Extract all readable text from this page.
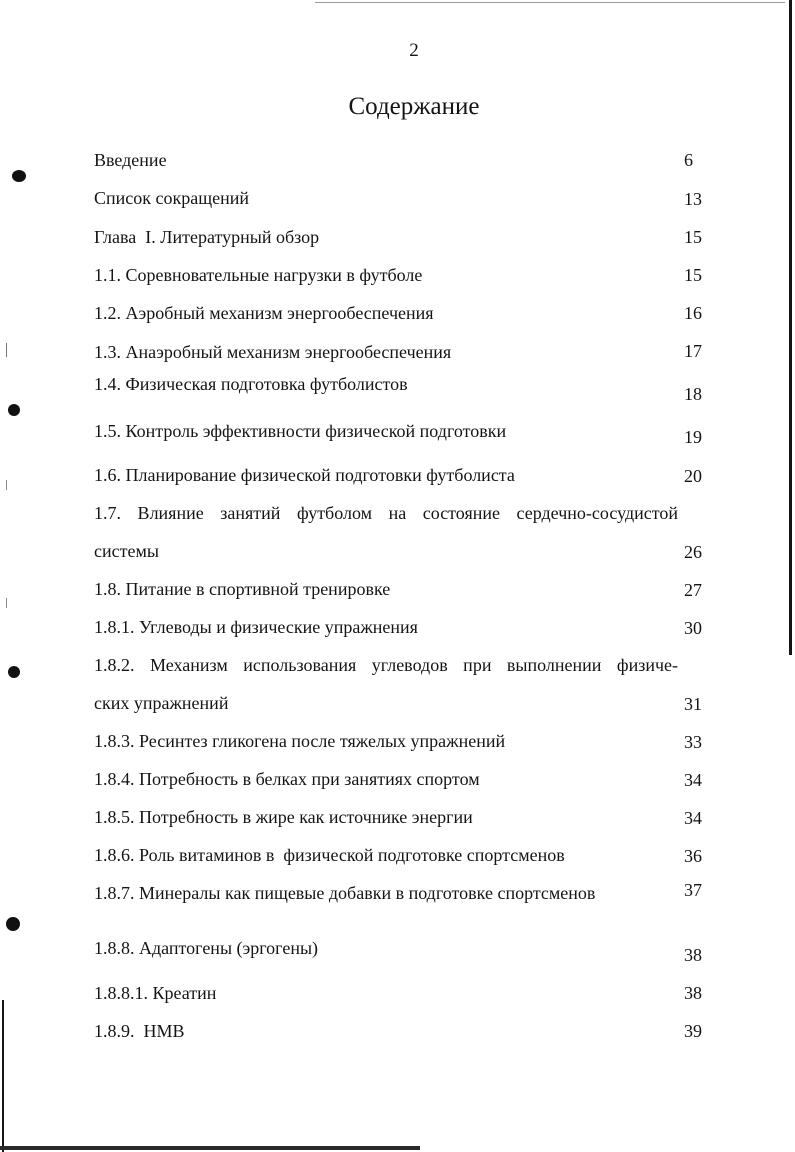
2
Содержание
Введение	6
Список сокращений	13
Глава  I. Литературный обзор	15
1.1. Соревновательные нагрузки в футболе	15
1.2. Аэробный механизм энергообеспечения	16
1.3. Анаэробный механизм энергообеспечения	17
1.4. Физическая подготовка футболистов	18
1.5. Контроль эффективности физической подготовки	19
1.6. Планирование физической подготовки футболиста	20
1.7.  Влияние  занятий  футболом  на  состояние  сердечно-сосудистой
системы	26
1.8. Питание в спортивной тренировке	27
1.8.1. Углеводы и физические упражнения	30
1.8.2.  Механизм  использования  углеводов  при  выполнении  физиче-
ских упражнений	31
1.8.3. Ресинтез гликогена после тяжелых упражнений	33
1.8.4. Потребность в белках при занятиях спортом	34
1.8.5. Потребность в жире как источнике энергии	34
1.8.6. Роль витаминов в  физической подготовке спортсменов	36
1.8.7. Минералы как пищевые добавки в подготовке спортсменов	37
1.8.8. Адаптогены (эргогены)	38
1.8.8.1. Креатин	38
1.8.9.  НМВ	39
